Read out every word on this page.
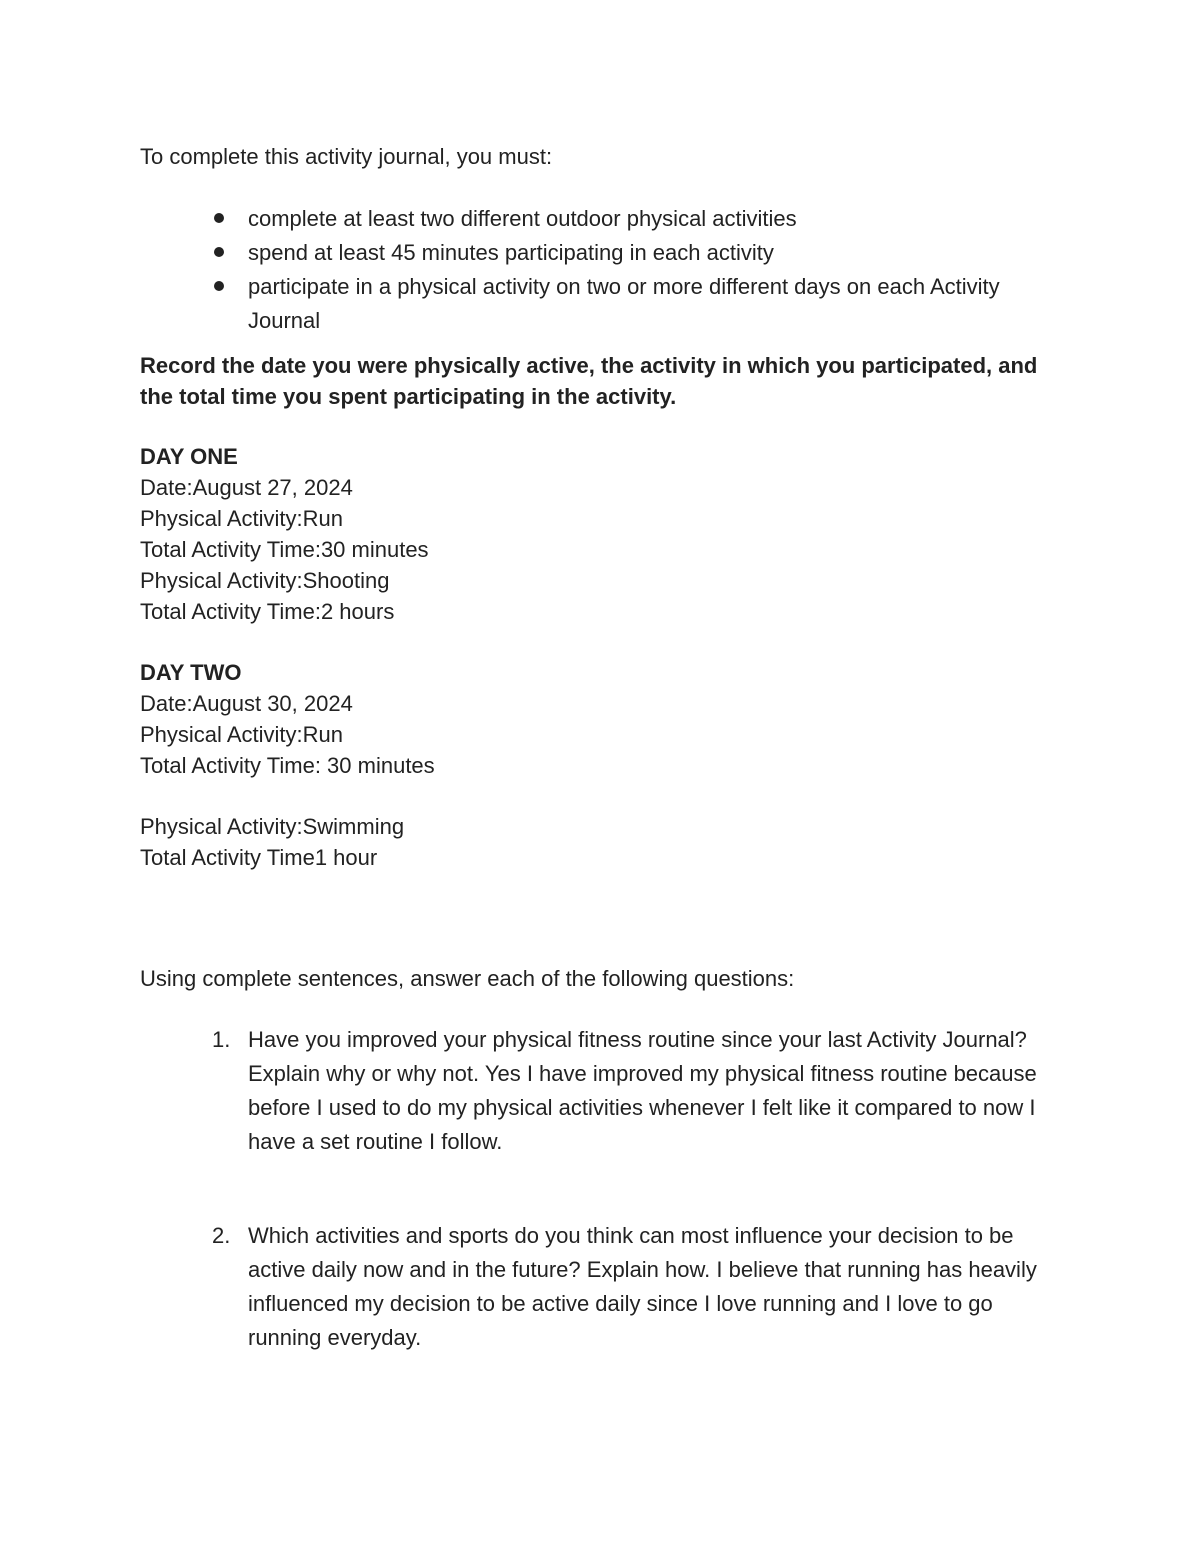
To complete this activity journal, you must:

complete at least two different outdoor physical activities
spend at least 45 minutes participating in each activity
participate in a physical activity on two or more different days on each Activity Journal

Record the date you were physically active, the activity in which you participated, and the total time you spent participating in the activity.

DAY ONE
Date:August 27, 2024
Physical Activity:Run
Total Activity Time:30 minutes
Physical Activity:Shooting
Total Activity Time:2 hours
DAY TWO
Date:August 30, 2024
Physical Activity:Run
Total Activity Time: 30 minutes
Physical Activity:Swimming
Total Activity Time1 hour

Using complete sentences, answer each of the following questions:

1. Have you improved your physical fitness routine since your last Activity Journal? Explain why or why not. Yes I have improved my physical fitness routine because before I used to do my physical activities whenever I felt like it compared to now I have a set routine I follow.
2. Which activities and sports do you think can most influence your decision to be active daily now and in the future? Explain how. I believe that running has heavily influenced my decision to be active daily since I love running and I love to go running everyday.
